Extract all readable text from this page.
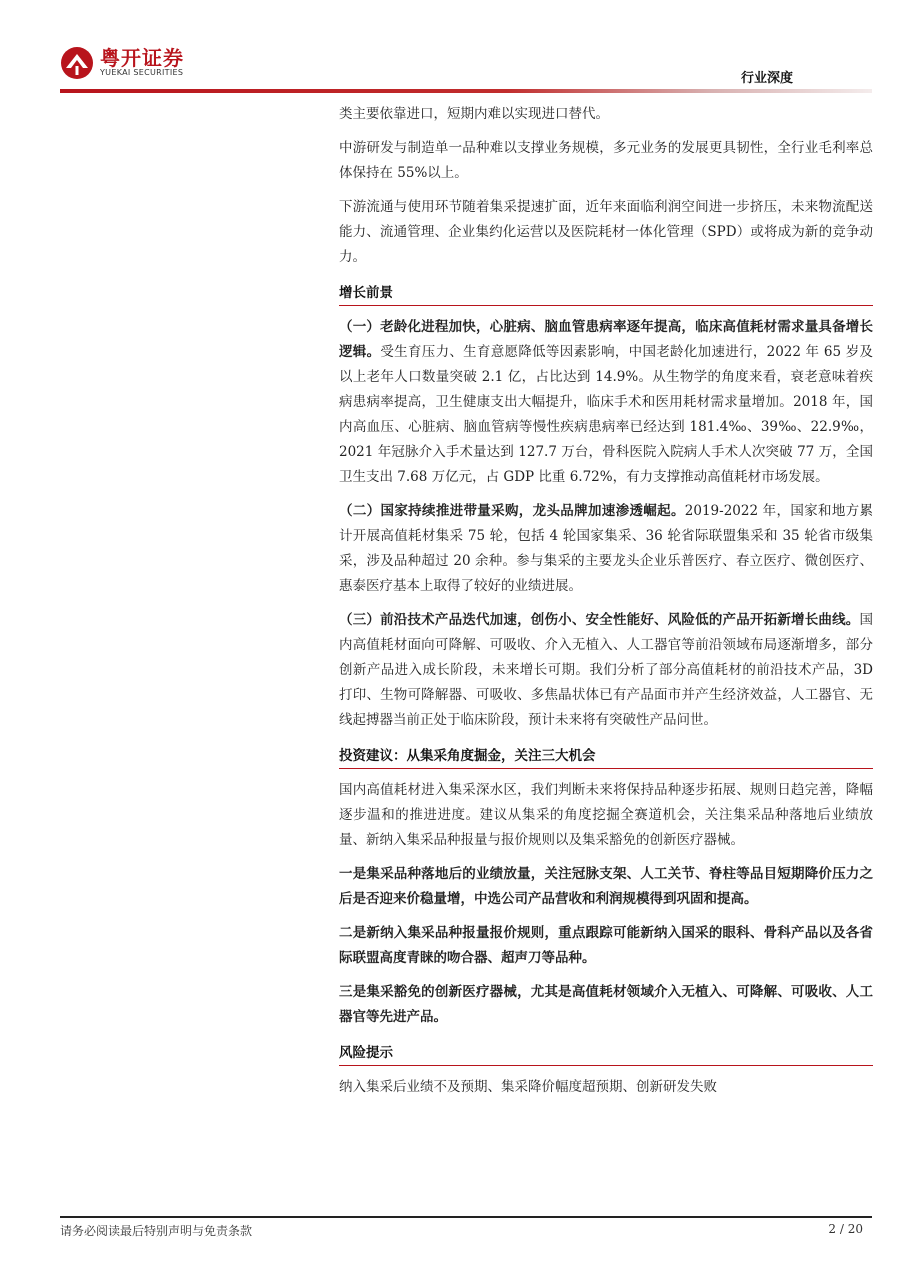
粤开证券
YUEKAI SECURITIES	行业深度

类主要依靠进口，短期内难以实现进口替代。

中游研发与制造单一品种难以支撑业务规模，多元业务的发展更具韧性，全行业毛利率总体保持在 55%以上。

下游流通与使用环节随着集采提速扩面，近年来面临利润空间进一步挤压，未来物流配送能力、流通管理、企业集约化运营以及医院耗材一体化管理（SPD）或将成为新的竞争动力。

增长前景

（一）老龄化进程加快，心脏病、脑血管患病率逐年提高，临床高值耗材需求量具备增长逻辑。受生育压力、生育意愿降低等因素影响，中国老龄化加速进行，2022 年 65 岁及以上老年人口数量突破 2.1 亿，占比达到 14.9%。从生物学的角度来看，衰老意味着疾病患病率提高，卫生健康支出大幅提升，临床手术和医用耗材需求量增加。2018 年，国内高血压、心脏病、脑血管病等慢性疾病患病率已经达到 181.4‰、39‰、22.9‰，2021 年冠脉介入手术量达到 127.7 万台，骨科医院入院病人手术人次突破 77 万，全国卫生支出 7.68 万亿元，占 GDP 比重 6.72%，有力支撑推动高值耗材市场发展。

（二）国家持续推进带量采购，龙头品牌加速渗透崛起。2019-2022 年，国家和地方累计开展高值耗材集采 75 轮，包括 4 轮国家集采、36 轮省际联盟集采和 35 轮省市级集采，涉及品种超过 20 余种。参与集采的主要龙头企业乐普医疗、春立医疗、微创医疗、惠泰医疗基本上取得了较好的业绩进展。

（三）前沿技术产品迭代加速，创伤小、安全性能好、风险低的产品开拓新增长曲线。国内高值耗材面向可降解、可吸收、介入无植入、人工器官等前沿领域布局逐渐增多，部分创新产品进入成长阶段，未来增长可期。我们分析了部分高值耗材的前沿技术产品，3D 打印、生物可降解器、可吸收、多焦晶状体已有产品面市并产生经济效益，人工器官、无线起搏器当前正处于临床阶段，预计未来将有突破性产品问世。

投资建议：从集采角度掘金，关注三大机会

国内高值耗材进入集采深水区，我们判断未来将保持品种逐步拓展、规则日趋完善，降幅逐步温和的推进进度。建议从集采的角度挖掘全赛道机会，关注集采品种落地后业绩放量、新纳入集采品种报量与报价规则以及集采豁免的创新医疗器械。

一是集采品种落地后的业绩放量，关注冠脉支架、人工关节、脊柱等品目短期降价压力之后是否迎来价稳量增，中选公司产品营收和利润规模得到巩固和提高。

二是新纳入集采品种报量报价规则，重点跟踪可能新纳入国采的眼科、骨科产品以及各省际联盟高度青睐的吻合器、超声刀等品种。

三是集采豁免的创新医疗器械，尤其是高值耗材领域介入无植入、可降解、可吸收、人工器官等先进产品。

风险提示

纳入集采后业绩不及预期、集采降价幅度超预期、创新研发失败

请务必阅读最后特别声明与免责条款	2 / 20
